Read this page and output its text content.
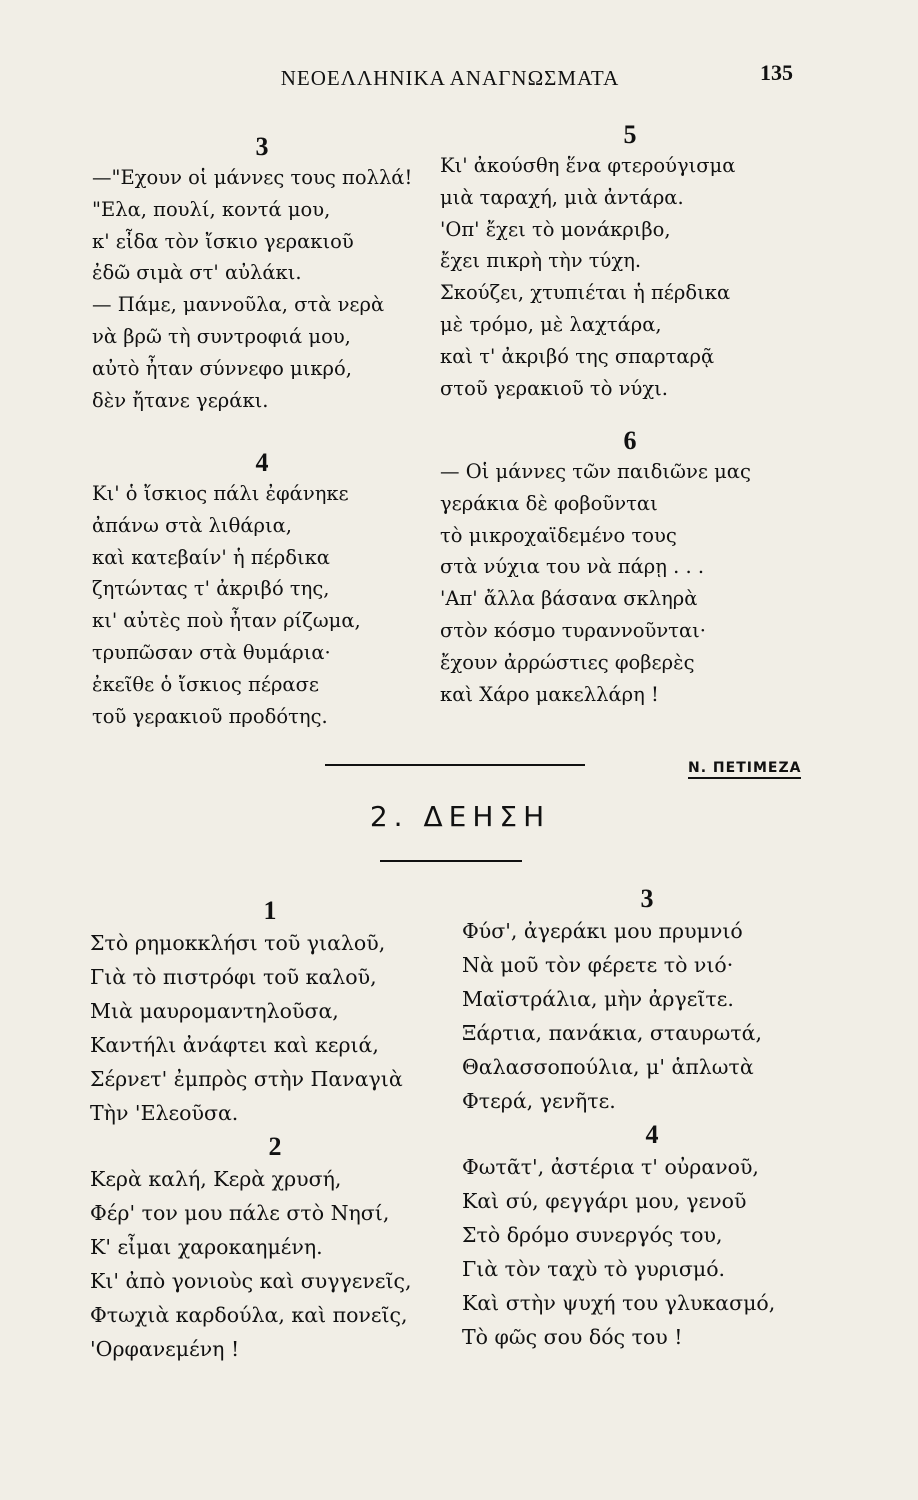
ΝΕΟΕΛΛΗΝΙΚΑ ΑΝΑΓΝΩΣΜΑΤΑ	135
3
—"Εχουν οἱ μάννες τους πολλά!
"Ελα, πουλί, κοντά μου,
κ' εἶδα τὸν ἴσκιο γερακιοῦ
ἐδῶ σιμὰ στ' αὐλάκι.
— Πάμε, μαννοῦλα, στὰ νερὰ
νὰ βρῶ τὴ συντροφιά μου,
αὐτὸ ἦταν σύννεφο μικρό,
δὲν ἤτανε γεράκι.
4
Κι' ὁ ἴσκιος πάλι ἐφάνηκε
ἀπάνω στὰ λιθάρια,
καὶ κατεβαίν' ἡ πέρδικα
ζητώντας τ' ἀκριβό της,
κι' αὐτὲς ποὺ ἦταν ρίζωμα,
τρυπῶσαν στὰ θυμάρια·
ἐκεῖθε ὁ ἴσκιος πέρασε
τοῦ γερακιοῦ προδότης.
5
Κι' ἀκούσθη ἕνα φτερούγισμα
μιὰ ταραχή, μιὰ ἀντάρα.
'Οπ' ἔχει τὸ μονάκριβο,
ἔχει πικρὴ τὴν τύχη.
Σκούζει, χτυπιέται ἡ πέρδικα
μὲ τρόμο, μὲ λαχτάρα,
καὶ τ' ἀκριβό της σπαρταρᾷ
στοῦ γερακιοῦ τὸ νύχι.
6
— Οἱ μάννες τῶν παιδιῶνε μας
γεράκια δὲ φοβοῦνται
τὸ μικροχαϊδεμένο τους
στὰ νύχια του νὰ πάρῃ . . .
'Απ' ἄλλα βάσανα σκληρὰ
στὸν κόσμο τυραννοῦνται·
ἔχουν ἀρρώστιες φοβερὲς
καὶ Χάρο μακελλάρη !
Ν. ΠΕΤΙΜΕΖΑ
2. ΔΕΗΣΗ
1
Στὸ ρημοκκλήσι τοῦ γιαλοῦ,
Γιὰ τὸ πιστρόφι τοῦ καλοῦ,
Μιὰ μαυρομαντηλοῦσα,
Καντήλι ἀνάφτει καὶ κεριά,
Σέρνετ' ἐμπρὸς στὴν Παναγιὰ
Τὴν 'Ελεοῦσα.
2
Κερὰ καλή, Κερὰ χρυσή,
Φέρ' τον μου πάλε στὸ Νησί,
Κ' εἶμαι χαροκαημένη.
Κι' ἀπὸ γονιοὺς καὶ συγγενεῖς,
Φτωχιὰ καρδούλα, καὶ πονεῖς,
'Ορφανεμένη !
3
Φύσ', ἀγεράκι μου πρυμνιό
Νὰ μοῦ τὸν φέρετε τὸ νιό·
Μαϊστράλια, μὴν ἀργεῖτε.
Ξάρτια, πανάκια, σταυρωτά,
Θαλασσοπούλια, μ' ἁπλωτὰ
Φτερά, γενῆτε.
4
Φωτᾶτ', ἀστέρια τ' οὐρανοῦ,
Καὶ σύ, φεγγάρι μου, γενοῦ
Στὸ δρόμο συνεργός του,
Γιὰ τὸν ταχὺ τὸ γυρισμό.
Καὶ στὴν ψυχή του γλυκασμό,
Τὸ φῶς σου δός του !
